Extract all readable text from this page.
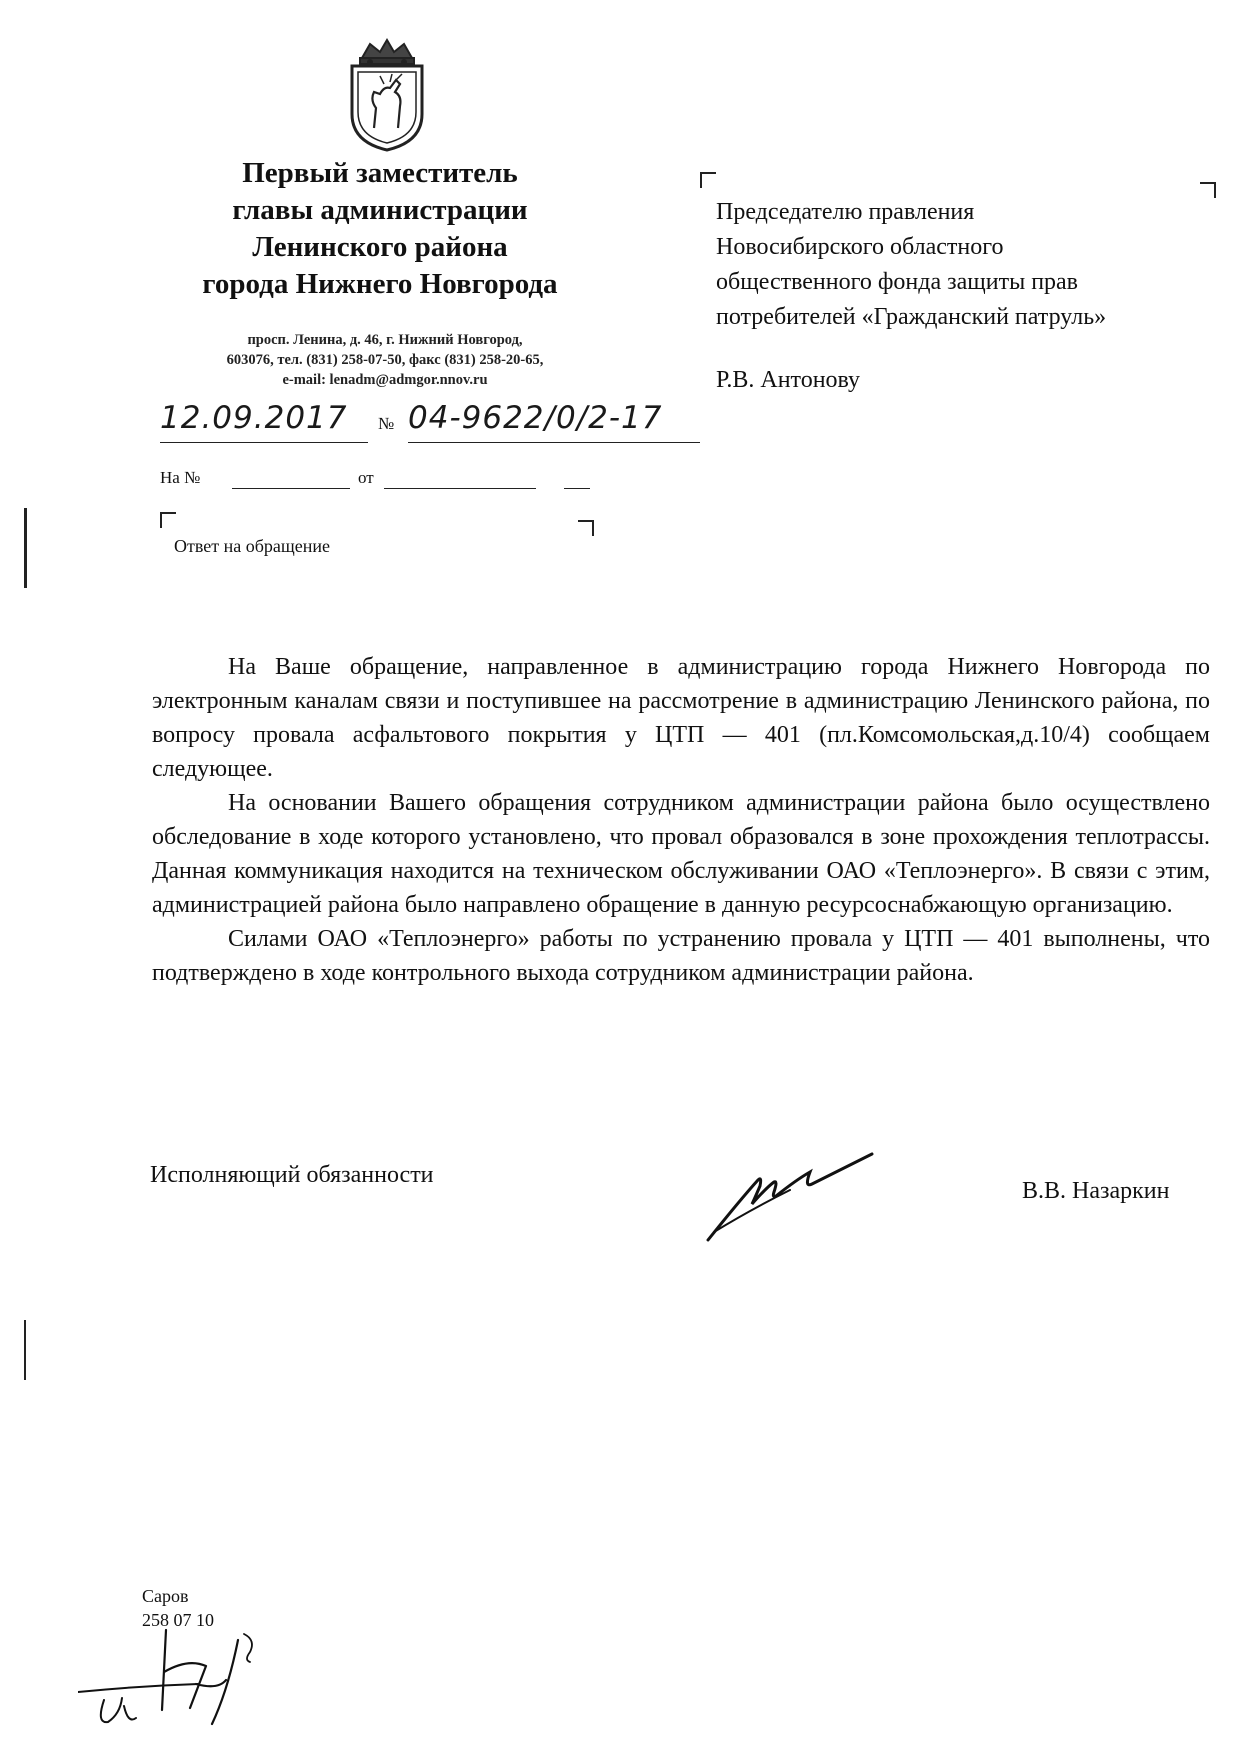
Первый заместитель
главы администрации
Ленинского района
города Нижнего Новгорода
просп. Ленина, д. 46, г. Нижний Новгород,
603076, тел. (831) 258-07-50, факс (831) 258-20-65,
e-mail: lenadm@admgor.nnov.ru
12.09.2017 № 04-9622/0/2-17
На №	от
Ответ на обращение
Председателю правления
Новосибирского областного
общественного фонда защиты прав
потребителей «Гражданский патруль»
Р.В. Антонову

На Ваше обращение, направленное в администрацию города Нижнего Новгорода по электронным каналам связи и поступившее на рассмотрение в администрацию Ленинского района, по вопросу провала асфальтового покрытия у ЦТП — 401 (пл.Комсомольская,д.10/4) сообщаем следующее.

На основании Вашего обращения сотрудником администрации района было осуществлено обследование в ходе которого установлено, что провал образовался в зоне прохождения теплотрассы. Данная коммуникация находится на техническом обслуживании ОАО «Теплоэнерго». В связи с этим, администрацией района было направлено обращение в данную ресурсоснабжающую организацию.

Силами ОАО «Теплоэнерго» работы по устранению провала у ЦТП — 401 выполнены, что подтверждено в ходе контрольного выхода сотрудником администрации района.

Исполняющий обязанности
В.В. Назаркин
Саров
258 07 10
